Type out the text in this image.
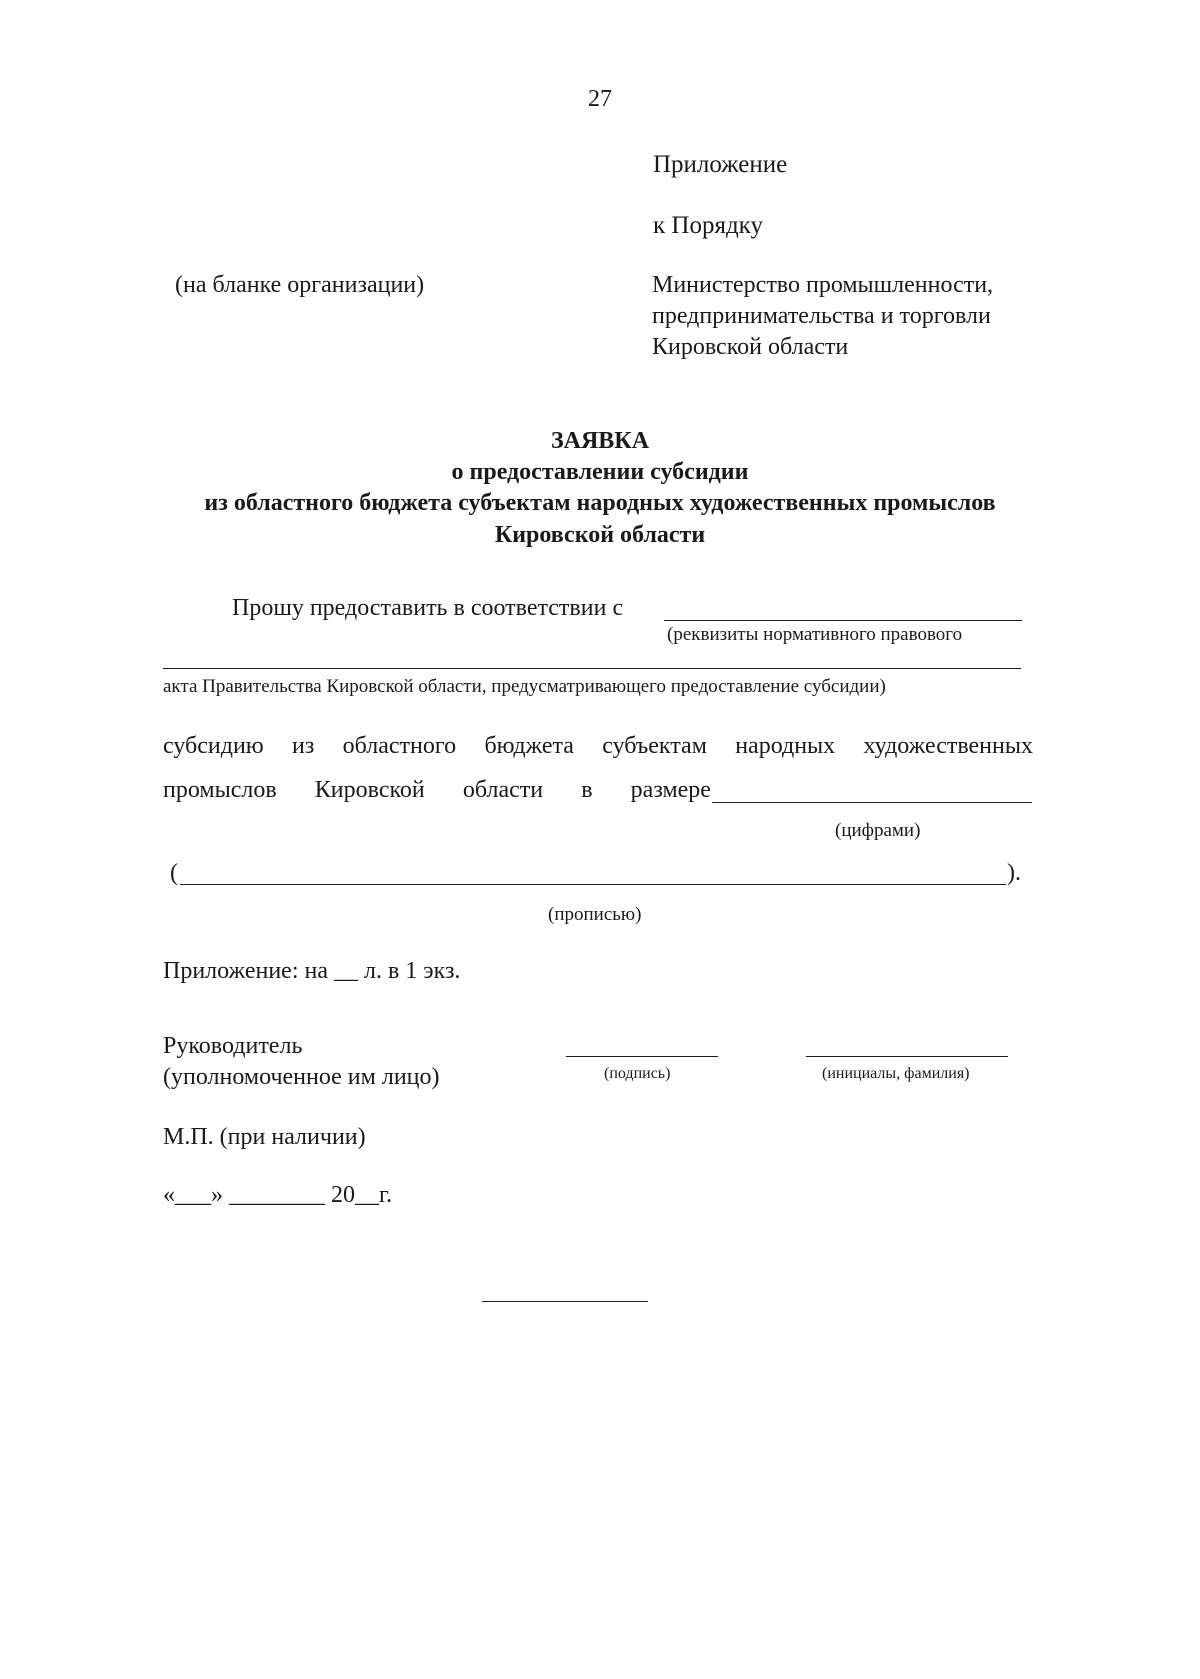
27
Приложение
к Порядку
(на бланке организации)	Министерство промышленности,
предпринимательства и торговли
Кировской области
ЗАЯВКА
о предоставлении субсидии
из областного бюджета субъектам народных художественных промыслов
Кировской области
Прошу предоставить в соответствии с
(реквизиты нормативного правового
акта Правительства Кировской области, предусматривающего предоставление субсидии)
субсидию из областного бюджета субъектам народных художественных
промыслов Кировской области в размере
(цифрами)
(	).
(прописью)
Приложение: на __ л. в 1 экз.
Руководитель
(уполномоченное им лицо)	(подпись)	(инициалы, фамилия)
М.П. (при наличии)
«___» ________ 20__г.
